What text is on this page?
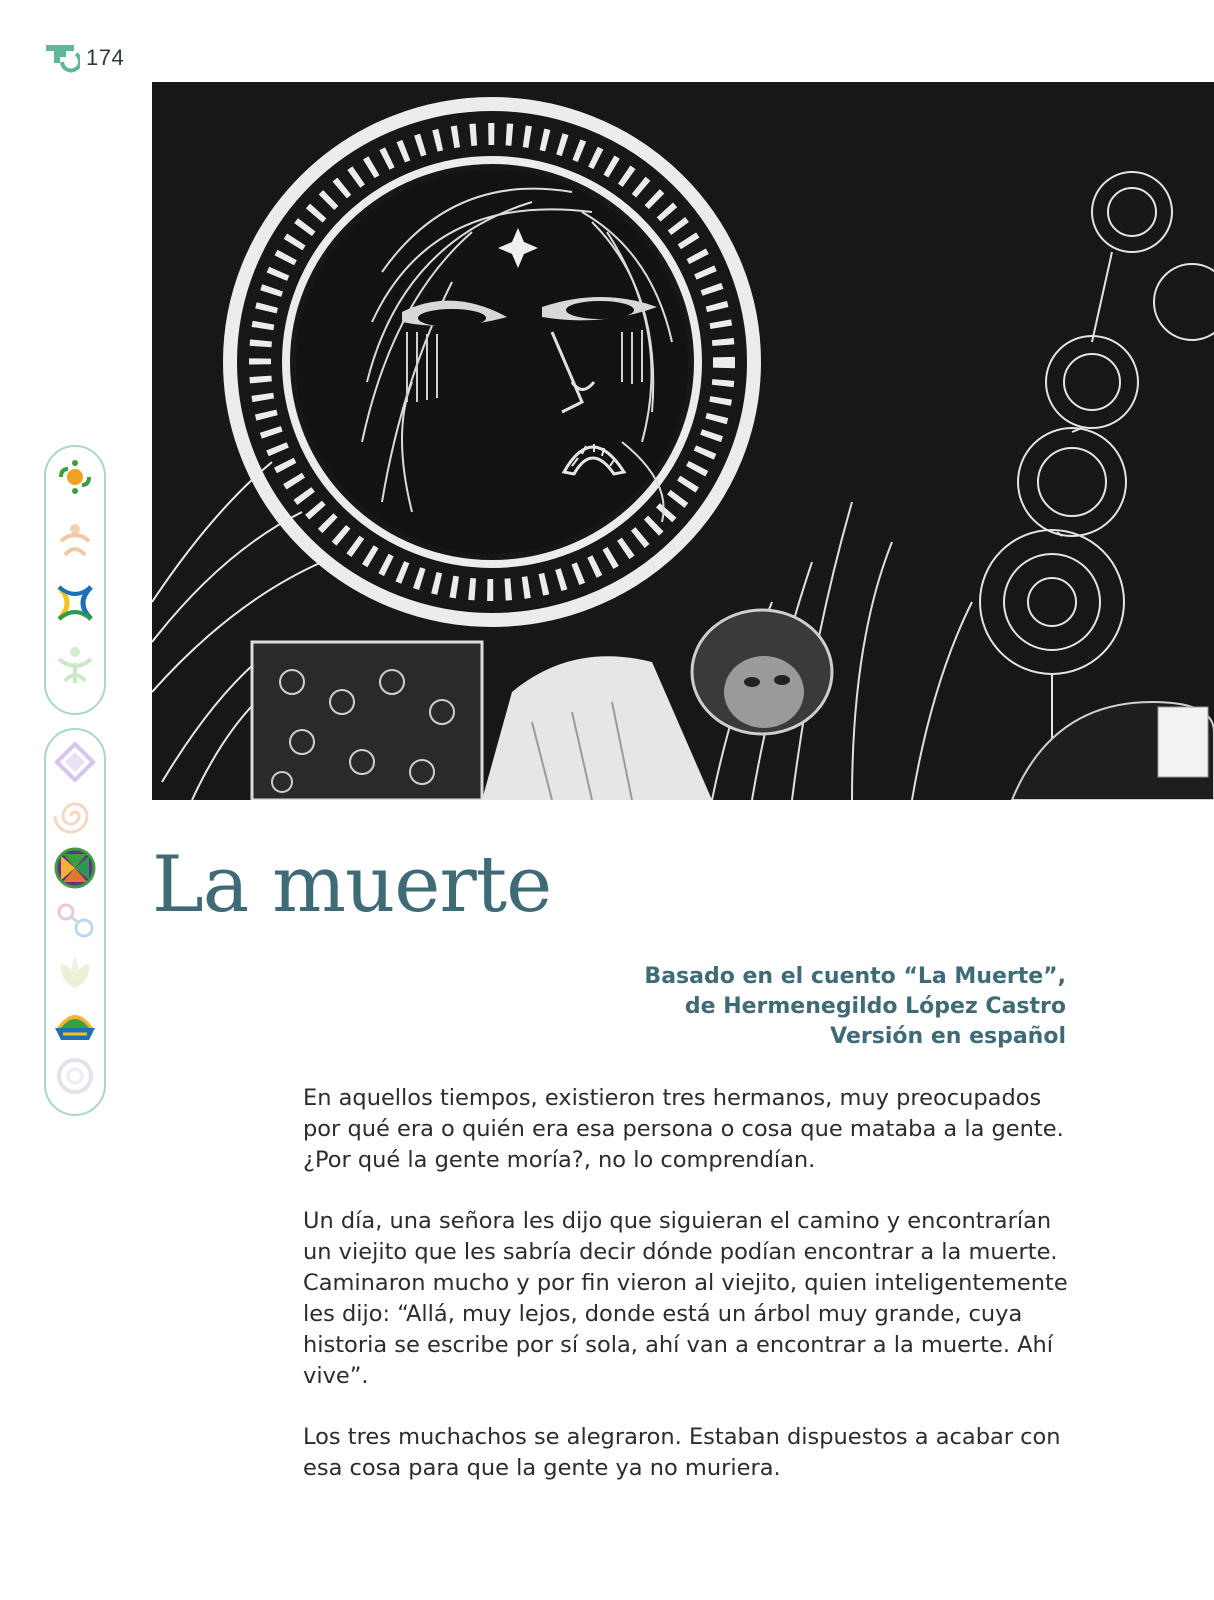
174
La muerte
Basado en el cuento “La Muerte”,
de Hermenegildo López Castro
Versión en español

En aquellos tiempos, existieron tres hermanos, muy preocupados por qué era o quién era esa persona o cosa que mataba a la gente. ¿Por qué la gente moría?, no lo comprendían.

Un día, una señora les dijo que siguieran el camino y encontrarían un viejito que les sabría decir dónde podían encontrar a la muerte. Caminaron mucho y por fin vieron al viejito, quien inteligentemente les dijo: “Allá, muy lejos, donde está un árbol muy grande, cuya historia se escribe por sí sola, ahí van a encontrar a la muerte. Ahí vive”.

Los tres muchachos se alegraron. Estaban dispuestos a acabar con esa cosa para que la gente ya no muriera.
